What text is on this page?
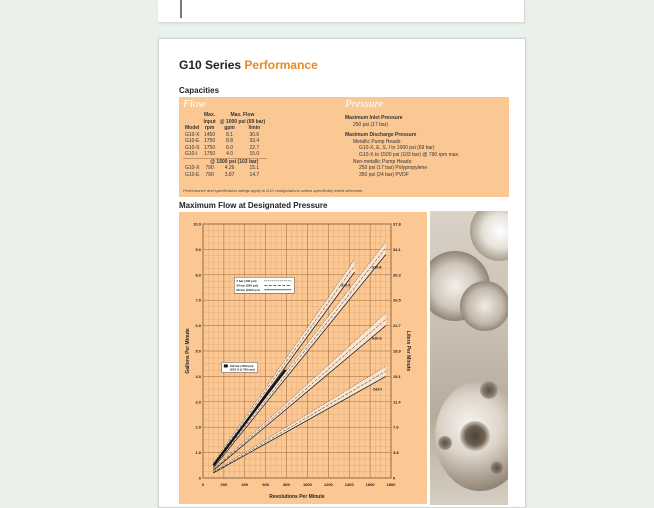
G10 Series Performance
Capacities
Flow	Pressure
	Max.	Max. Flow	
	Input	@ 1000 psi (69 bar)	
Model	rpm	gpm	l/min
G10-X	1450	8.1	30.6
G10-E	1750	8.8	33.4
G10-S	1750	6.0	22.7
G10-I	1750	4.0	15.0
	@ 1500 psi (103 bar)		
G10-X	790	4.26	15.1
G10-E	790	3.87	14.7
Maximum Inlet Pressure
250 psi (17 bar)
Maximum Discharge Pressure
Metallic Pump Heads:
G10-X, E, S, I to 1000 psi (69 bar)
G10-X to 1500 psi (103 bar) @ 790 rpm max.
Non-metallic Pump Heads:
250 psi (17 bar) Polypropylene
350 psi (24 bar) PVDF
Performance and specification ratings apply to G10 configurations unless specifically noted otherwise.
Maximum Flow at Designated Pressure
0	200	400	600	800	1000	1200	1400	1600	1800
0	0
1.0	3.8
2.0	7.6
3.0	11.4
4.0	15.1
5.0	18.9
6.0	22.7
7.0	26.5
8.0	30.3
9.0	34.1
10.0	37.8
Revolutions Per Minute
Gallons Per Minute	Liters Per Minute
G10-X
G10-E
G10-S
G10-I
7 bar (100 psi)
34 bar (500 psi)
69 bar (1000 psi)
103 bar (1500 psi)
(G10-X @ 790 rpm)
